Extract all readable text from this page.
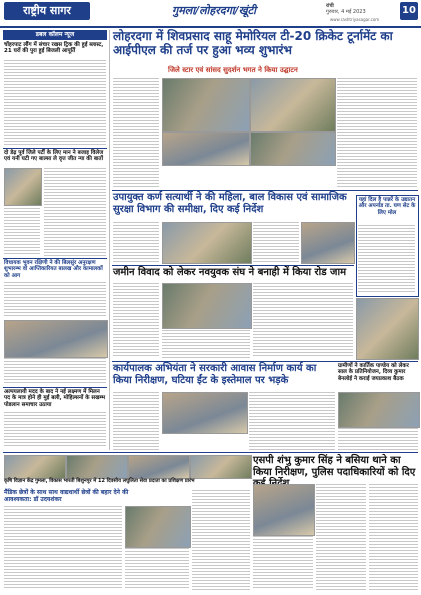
राष्ट्रीय सागर	गुमला/लोहरदगा/खूंटी	रांची
गुरुवार, 4 मई 2023
www.rashtriyasagar.com
10
डबल कॉलम न्यूज
चोंहरपाट लौंग में संचार रखस ट्रिक की हुई ब्लास्ट, 21 घरों की पुरा हुई बिजली आपूर्ति
दो डेढ़ पूर्व जिले पर्टी के लिए मान ने बजाइ विलेज एवं यनी घटी गए बाल्सा ले वृत्त जीत न्या की बातों
विधायक भुवन रक्षिणी ने की बिलसुंर अनुरक्षण शुभारम्भ वो आप्तिकारियत बालख और कामालकों को आग
अल्पयलायी मदद के बाद ने नई लक्ष्मण में मिलन पद के मात्र होने ही मुई बली, मोहिल्सनों के सखम्भ पोडलान समाचार उठाया
लोहरदगा में शिवप्रसाद साहू मेमोरियल टी-20 क्रिकेट टूर्नामेंट का आईपीएल की तर्ज पर हुआ भव्य शुभारंभ
जिले स्टार एवं सांसद सुदर्शन भगत ने किया उद्घाटन
उपायुक्त कर्ण सत्यार्थी ने की महिला, बाल विकास एवं सामाजिक सुरक्षा विभाग की समीक्षा, दिए कई निर्देश
यहां दिल है पान्नरें के उद्यातन और अपर्नाड ता. घण सेट के लिए मोल
जमीन विवाद को लेकर नवयुवक संघ ने बनाही में किया रोड जाम
कार्यपालक अभियंता ने सरकारी आवास निर्माण कार्य का किया निरीक्षण, घटिया ईंट के इस्तेमाल पर भड़के
ग्रामीणों ने कार्तिक पाण्डेय को लेकर साल के प्रतिनियोजन, दिव्य कुमार बेनलोई ने कराई जयप्रकाश बैठक
कृषि विज्ञान केंद्र गुमला, विकास भारती बिशुनपुर में 12 दिवसीय लघुलिता सेवा प्रदाता का प्रशिक्षण प्रारंभ
मैंडिक छेत्रों के साथ साथ वाद्यधार्थी छेत्रों की बहार देने की आवश्यकता: डॉ उदयशंकर
एसपी शंभु कुमार सिंह ने बसिया थाने का किया निरीक्षण, पुलिस पदाधिकारियों को दिए
